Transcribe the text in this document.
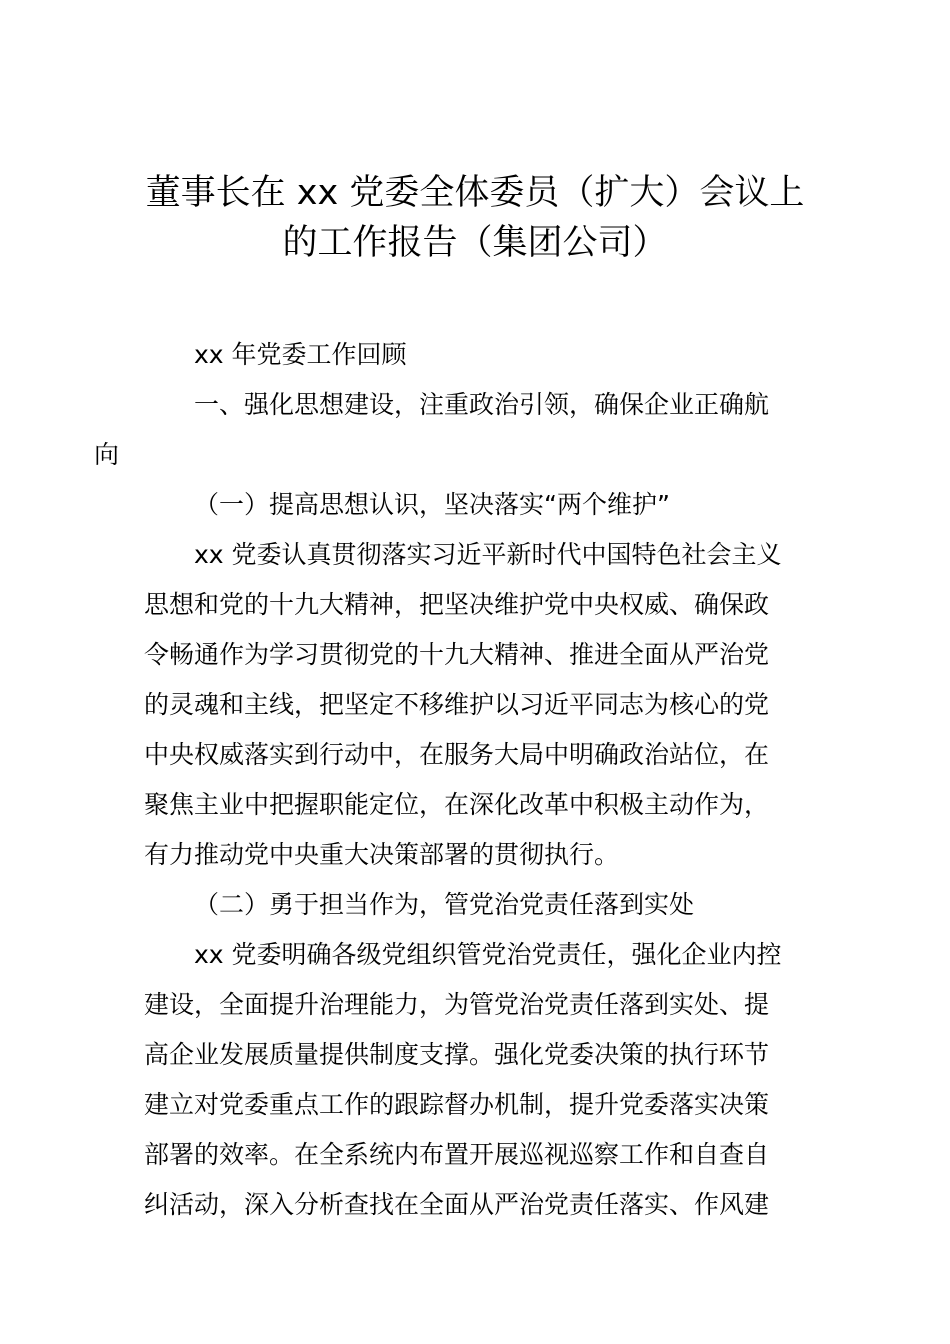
董事长在 xx 党委全体委员（扩大）会议上
的工作报告（集团公司）

xx 年党委工作回顾

一、强化思想建设，注重政治引领，确保企业正确航
向

（一）提高思想认识，坚决落实“两个维护”

xx 党委认真贯彻落实习近平新时代中国特色社会主义
思想和党的十九大精神，把坚决维护党中央权威、确保政
令畅通作为学习贯彻党的十九大精神、推进全面从严治党
的灵魂和主线，把坚定不移维护以习近平同志为核心的党
中央权威落实到行动中，在服务大局中明确政治站位，在
聚焦主业中把握职能定位，在深化改革中积极主动作为，
有力推动党中央重大决策部署的贯彻执行。

（二）勇于担当作为，管党治党责任落到实处

xx 党委明确各级党组织管党治党责任，强化企业内控
建设，全面提升治理能力，为管党治党责任落到实处、提
高企业发展质量提供制度支撑。强化党委决策的执行环节
建立对党委重点工作的跟踪督办机制，提升党委落实决策
部署的效率。在全系统内布置开展巡视巡察工作和自查自
纠活动，深入分析查找在全面从严治党责任落实、作风建
